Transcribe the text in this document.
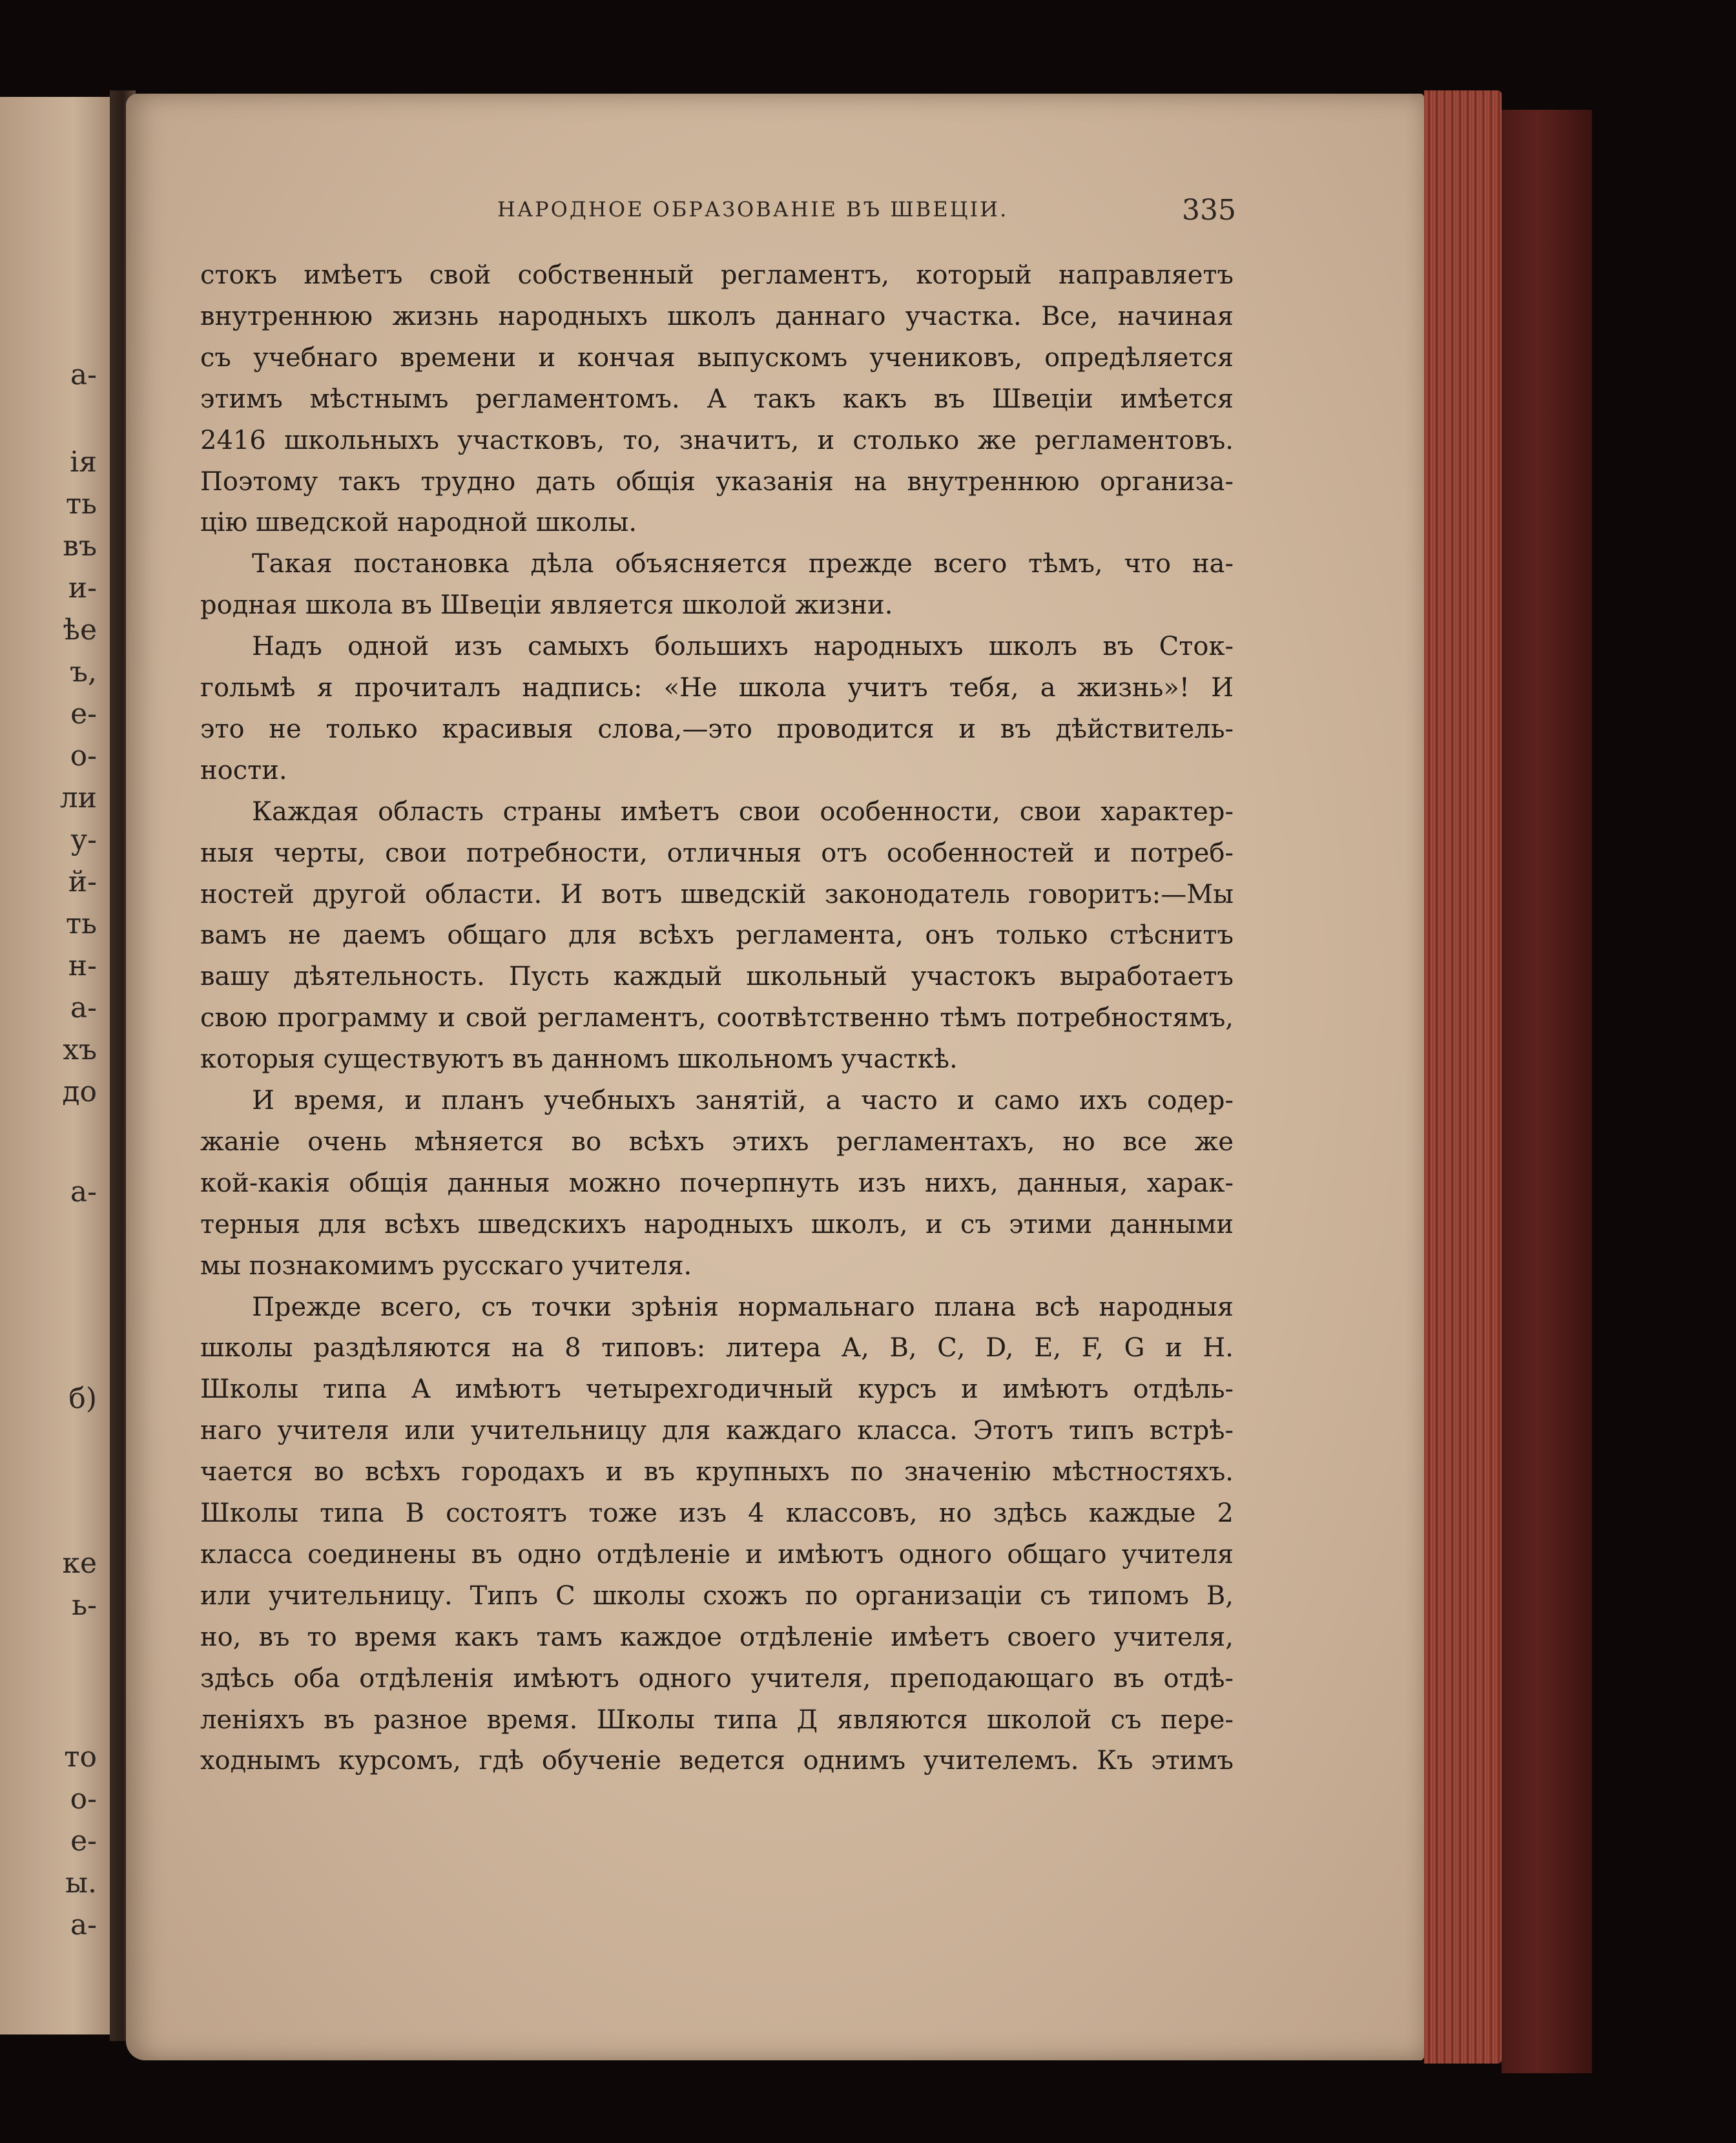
а-
ія
ть
въ
и-
ѣе
ъ,
е-
о-
ли
у-
й-
ть
н-
а-
хъ
до
а-
б)
ке
ь-
то
о-
е-
ы.
а-
НАРОДНОЕ ОБРАЗОВАНІЕ ВЪ ШВЕЦІИ.	335
стокъ имѣетъ свой собственный регламентъ, который направляетъ
внутреннюю жизнь народныхъ школъ даннаго участка. Все, начиная
съ учебнаго времени и кончая выпускомъ учениковъ, опредѣляется
этимъ мѣстнымъ регламентомъ. А такъ какъ въ Швеціи имѣется
2416 школьныхъ участковъ, то, значитъ, и столько же регламентовъ.
Поэтому такъ трудно дать общія указанія на внутреннюю организа-
цію шведской народной школы.
Такая постановка дѣла объясняется прежде всего тѣмъ, что на-
родная школа въ Швеціи является школой жизни.
Надъ одной изъ самыхъ большихъ народныхъ школъ въ Сток-
гольмѣ я прочиталъ надпись: «Не школа учитъ тебя, а жизнь»! И
это не только красивыя слова,—это проводится и въ дѣйствитель-
ности.
Каждая область страны имѣетъ свои особенности, свои характер-
ныя черты, свои потребности, отличныя отъ особенностей и потреб-
ностей другой области. И вотъ шведскій законодатель говоритъ:—Мы
вамъ не даемъ общаго для всѣхъ регламента, онъ только стѣснитъ
вашу дѣятельность. Пусть каждый школьный участокъ выработаетъ
свою программу и свой регламентъ, соотвѣтственно тѣмъ потребностямъ,
которыя существуютъ въ данномъ школьномъ участкѣ.
И время, и планъ учебныхъ занятій, а часто и само ихъ содер-
жаніе очень мѣняется во всѣхъ этихъ регламентахъ, но все же
кой-какія общія данныя можно почерпнуть изъ нихъ, данныя, харак-
терныя для всѣхъ шведскихъ народныхъ школъ, и съ этими данными
мы познакомимъ русскаго учителя.
Прежде всего, съ точки зрѣнія нормальнаго плана всѣ народныя
школы раздѣляются на 8 типовъ: литера А, В, С, D, Е, F, G и Н.
Школы типа А имѣютъ четырехгодичный курсъ и имѣютъ отдѣль-
наго учителя или учительницу для каждаго класса. Этотъ типъ встрѣ-
чается во всѣхъ городахъ и въ крупныхъ по значенію мѣстностяхъ.
Школы типа В состоятъ тоже изъ 4 классовъ, но здѣсь каждые 2
класса соединены въ одно отдѣленіе и имѣютъ одного общаго учителя
или учительницу. Типъ С школы схожъ по организаціи съ типомъ В,
но, въ то время какъ тамъ каждое отдѣленіе имѣетъ своего учителя,
здѣсь оба отдѣленія имѣютъ одного учителя, преподающаго въ отдѣ-
леніяхъ въ разное время. Школы типа Д являются школой съ пере-
ходнымъ курсомъ, гдѣ обученіе ведется однимъ учителемъ. Къ этимъ
